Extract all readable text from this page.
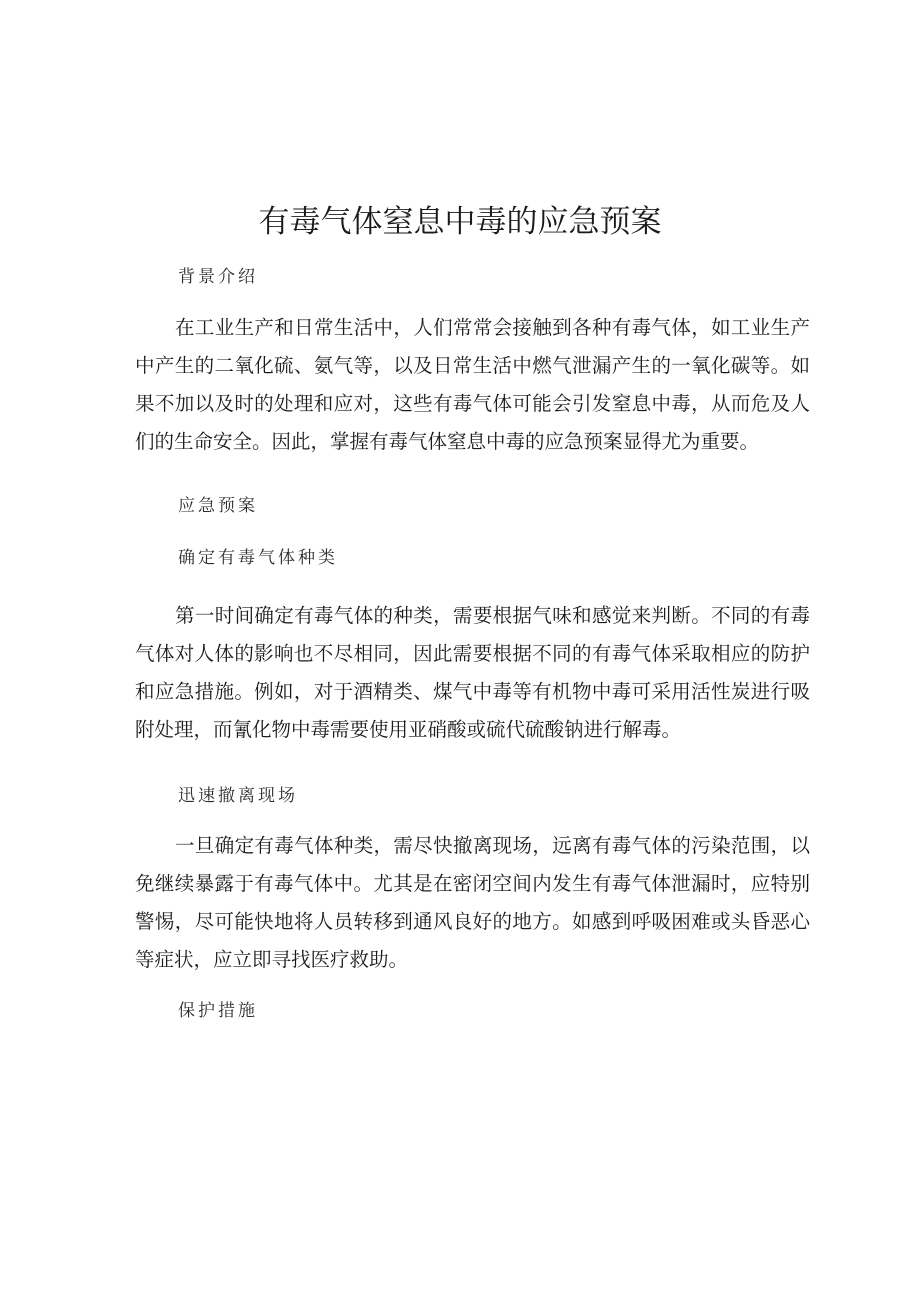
有毒气体窒息中毒的应急预案
背景介绍

在工业生产和日常生活中，人们常常会接触到各种有毒气体，如工业生产中产生的二氧化硫、氨气等，以及日常生活中燃气泄漏产生的一氧化碳等。如果不加以及时的处理和应对，这些有毒气体可能会引发窒息中毒，从而危及人们的生命安全。因此，掌握有毒气体窒息中毒的应急预案显得尤为重要。

应急预案
确定有毒气体种类

第一时间确定有毒气体的种类，需要根据气味和感觉来判断。不同的有毒气体对人体的影响也不尽相同，因此需要根据不同的有毒气体采取相应的防护和应急措施。例如，对于酒精类、煤气中毒等有机物中毒可采用活性炭进行吸附处理，而氰化物中毒需要使用亚硝酸或硫代硫酸钠进行解毒。

迅速撤离现场

一旦确定有毒气体种类，需尽快撤离现场，远离有毒气体的污染范围，以免继续暴露于有毒气体中。尤其是在密闭空间内发生有毒气体泄漏时，应特别警惕，尽可能快地将人员转移到通风良好的地方。如感到呼吸困难或头昏恶心等症状，应立即寻找医疗救助。

保护措施
